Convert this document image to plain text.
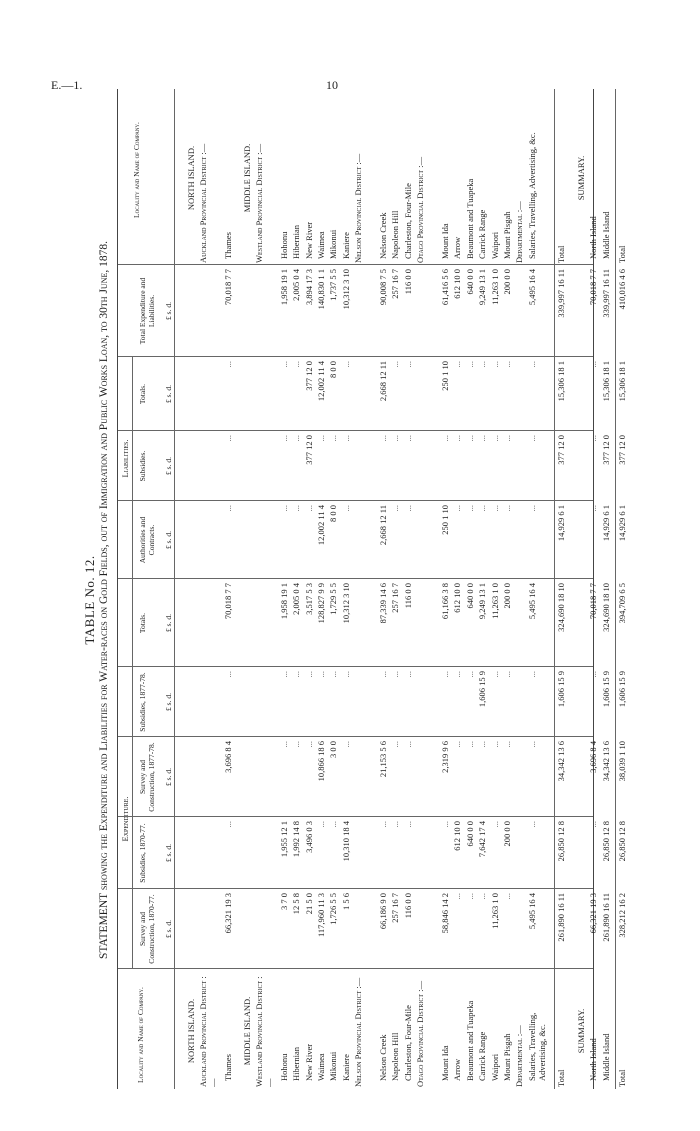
E.—1.	10
TABLE No. 12. STATEMENT showing the Expenditure and Liabilities for Water-races on Gold Fields, out of Immigration and Public Works Loan, to 30th June, 1878.
Locality and Name of Company.
Expenditure.
Liabilities.
Locality and Name of Company.
Survey and Construction, 1870-77. £ s. d.
Subsidies, 1870-77. £ s. d.
Survey and Construction, 1877-78. £ s. d.
Subsidies, 1877-78. £ s. d.
Totals. £ s. d.
Authorities and Contracts. £ s. d.
Subsidies. £ s. d.
Totals. £ s. d.
Total Expenditure and Liabilities. £ s. d.
NORTH ISLAND.
NORTH ISLAND.
Auckland Provincial District :—
Auckland Provincial District :—
Thames
Thames
66,321 19 3
...
3,696 8 4
...
70,018 7 7
...
...
...
70,018 7 7
MIDDLE ISLAND.
MIDDLE ISLAND.
Westland Provincial District :—
Westland Provincial District :—
Hohonu
Hohonu
3 7 0
1,955 12 1
...
...
1,958 19 1
...
...
...
1,958 19 1
Hibernian
Hibernian
12 5 8
1,992 14 8
...
...
2,005 0 4
...
...
...
2,005 0 4
New River
New River
21 5 0
3,496 0 3
...
...
3,517 5 3
...
377 12 0
377 12 0
3,894 17 3
Waimea
Waimea
117,960 11 3
...
10,866 18 6
...
128,827 9 9
12,002 11 4
...
12,002 11 4
140,830 1 1
Mikonui
Mikonui
1,726 5 5
...
3 0 0
...
1,729 5 5
8 0 0
...
8 0 0
1,737 5 5
Kaniere
Kaniere
1 5 6
10,310 18 4
...
...
10,312 3 10
...
...
...
10,312 3 10
Nelson Provincial District :—
Nelson Provincial District :—
Nelson Creek
Nelson Creek
66,186 9 0
...
21,153 5 6
...
87,339 14 6
2,668 12 11
...
2,668 12 11
90,008 7 5
Napoleon Hill
Napoleon Hill
257 16 7
...
...
...
257 16 7
...
...
...
257 16 7
Charleston, Four-Mile
Charleston, Four-Mile
116 0 0
...
...
...
116 0 0
...
...
...
116 0 0
Otago Provincial District :—
Otago Provincial District :—
Mount Ida
Mount Ida
58,846 14 2
...
2,319 9 6
...
61,166 3 8
250 1 10
...
250 1 10
61,416 5 6
Arrow
Arrow
...
612 10 0
...
...
612 10 0
...
...
...
612 10 0
Beaumont and Tuapeka
Beaumont and Tuapeka
...
640 0 0
...
...
640 0 0
...
...
...
640 0 0
Carrick Range
Carrick Range
...
7,642 17 4
...
1,606 15 9
9,249 13 1
...
...
...
9,249 13 1
Waipori
Waipori
11,263 1 0
...
...
...
11,263 1 0
...
...
...
11,263 1 0
Mount Pisgah
Mount Pisgah
...
200 0 0
...
...
200 0 0
...
...
...
200 0 0
Departmental :—
Departmental :—
Salaries, Travelling, Advertising, &c.
Salaries, Travelling, Advertising, &c.
5,495 16 4
...
...
...
5,495 16 4
...
...
...
5,495 16 4
Total
Total
261,890 16 11
26,850 12 8
34,342 13 6
1,606 15 9
324,690 18 10
14,929 6 1
377 12 0
15,306 18 1
339,997 16 11
SUMMARY.
SUMMARY.
North Island
North Island
66,321 19 3
...
3,696 8 4
...
70,018 7 7
...
...
...
70,018 7 7
Middle Island
Middle Island
261,890 16 11
26,850 12 8
34,342 13 6
1,606 15 9
324,690 18 10
14,929 6 1
377 12 0
15,306 18 1
339,997 16 11
Total
Total
328,212 16 2
26,850 12 8
38,039 1 10
1,606 15 9
394,709 6 5
14,929 6 1
377 12 0
15,306 18 1
410,016 4 6
